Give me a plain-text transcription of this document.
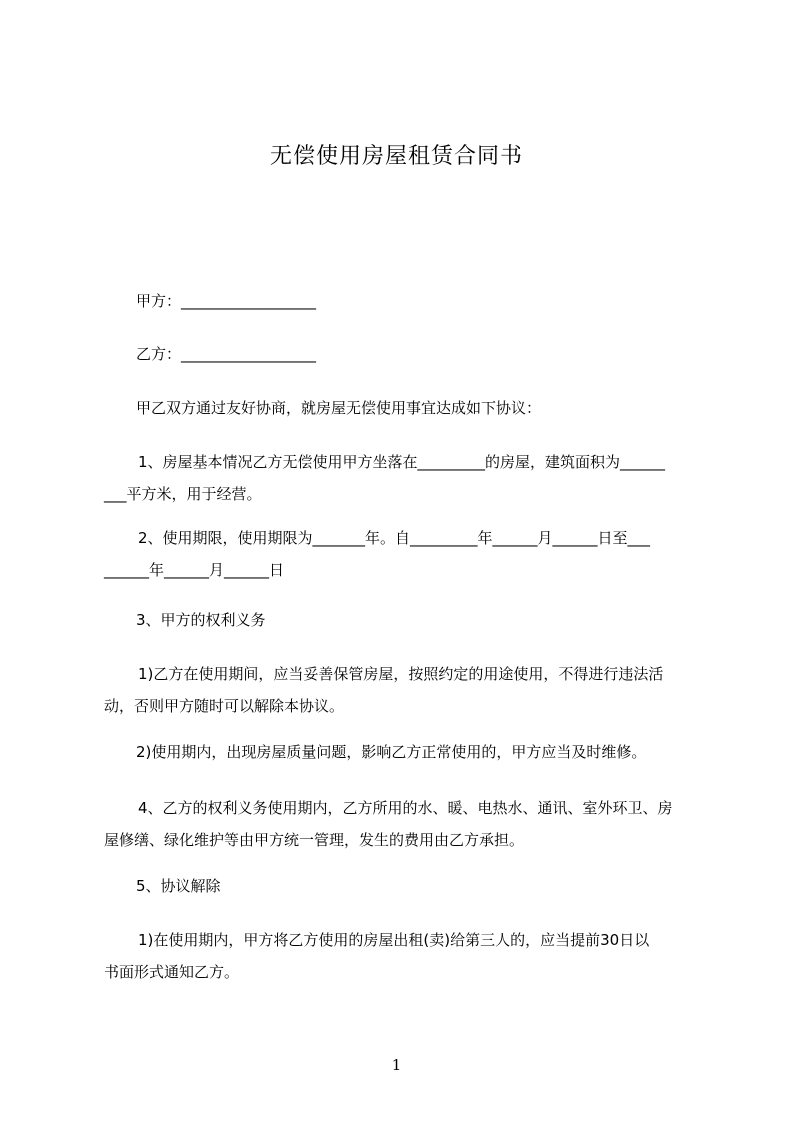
无偿使用房屋租赁合同书
甲方：__________________
乙方：__________________
甲乙双方通过友好协商，就房屋无偿使用事宜达成如下协议：
1、房屋基本情况乙方无偿使用甲方坐落在_________的房屋，建筑面积为______
___平方米，用于经营。
2、使用期限，使用期限为_______年。自_________年______月______日至___
______年______月______日
3、甲方的权利义务
1)乙方在使用期间，应当妥善保管房屋，按照约定的用途使用，不得进行违法活
动，否则甲方随时可以解除本协议。
2)使用期内，出现房屋质量问题，影响乙方正常使用的，甲方应当及时维修。
4、乙方的权利义务使用期内，乙方所用的水、暖、电热水、通讯、室外环卫、房
屋修缮、绿化维护等由甲方统一管理，发生的费用由乙方承担。
5、协议解除
1)在使用期内，甲方将乙方使用的房屋出租(卖)给第三人的，应当提前30日以
书面形式通知乙方。
1
